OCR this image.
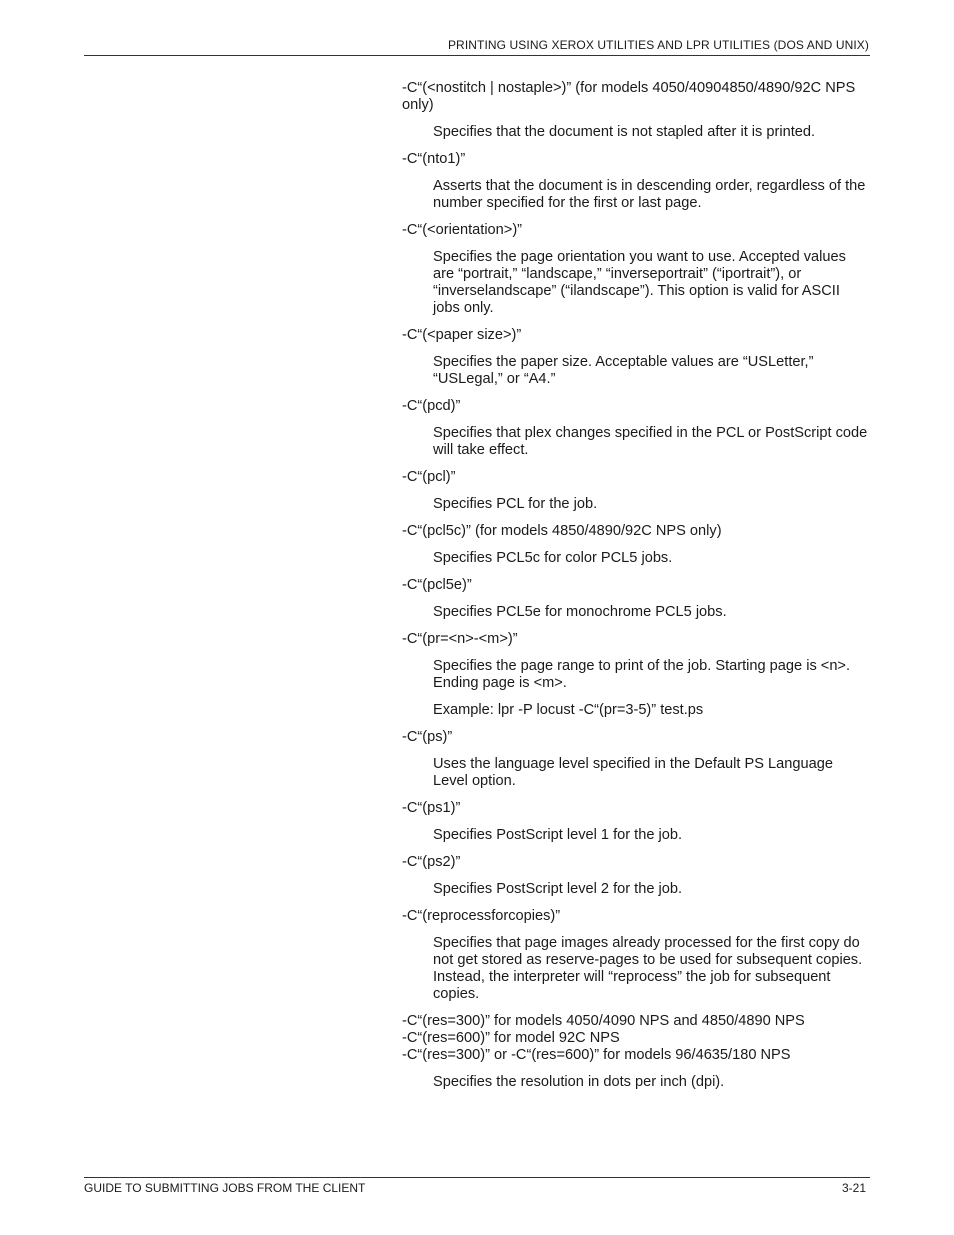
PRINTING USING XEROX UTILITIES AND LPR UTILITIES (DOS AND UNIX)
-C“(<nostitch | nostaple>)” (for models 4050/40904850/4890/92C NPS only)
Specifies that the document is not stapled after it is printed.
-C“(nto1)”
Asserts that the document is in descending order, regardless of the number specified for the first or last page.
-C“(<orientation>)”
Specifies the page orientation you want to use. Accepted values are “portrait,” “landscape,” “inverseportrait” (“iportrait”), or “inverselandscape” (“ilandscape”). This option is valid for ASCII jobs only.
-C“(<paper size>)”
Specifies the paper size. Acceptable values are “USLetter,” “USLegal,” or “A4.”
-C“(pcd)”
Specifies that plex changes specified in the PCL or PostScript code will take effect.
-C“(pcl)”
Specifies PCL for the job.
-C“(pcl5c)” (for models 4850/4890/92C NPS only)
Specifies PCL5c for color PCL5 jobs.
-C“(pcl5e)”
Specifies PCL5e for monochrome PCL5 jobs.
-C“(pr=<n>-<m>)”
Specifies the page range to print of the job. Starting page is <n>. Ending page is <m>.
Example: lpr -P locust -C“(pr=3-5)” test.ps
-C“(ps)”
Uses the language level specified in the Default PS Language Level option.
-C“(ps1)”
Specifies PostScript level 1 for the job.
-C“(ps2)”
Specifies PostScript level 2 for the job.
-C“(reprocessforcopies)”
Specifies that page images already processed for the first copy do not get stored as reserve-pages to be used for subsequent copies. Instead, the interpreter will “reprocess” the job for subsequent copies.
-C“(res=300)” for models 4050/4090 NPS and 4850/4890 NPS
-C“(res=600)” for model 92C NPS
-C“(res=300)” or -C“(res=600)” for models 96/4635/180 NPS
Specifies the resolution in dots per inch (dpi).
GUIDE TO SUBMITTING JOBS FROM THE CLIENT	3-21
